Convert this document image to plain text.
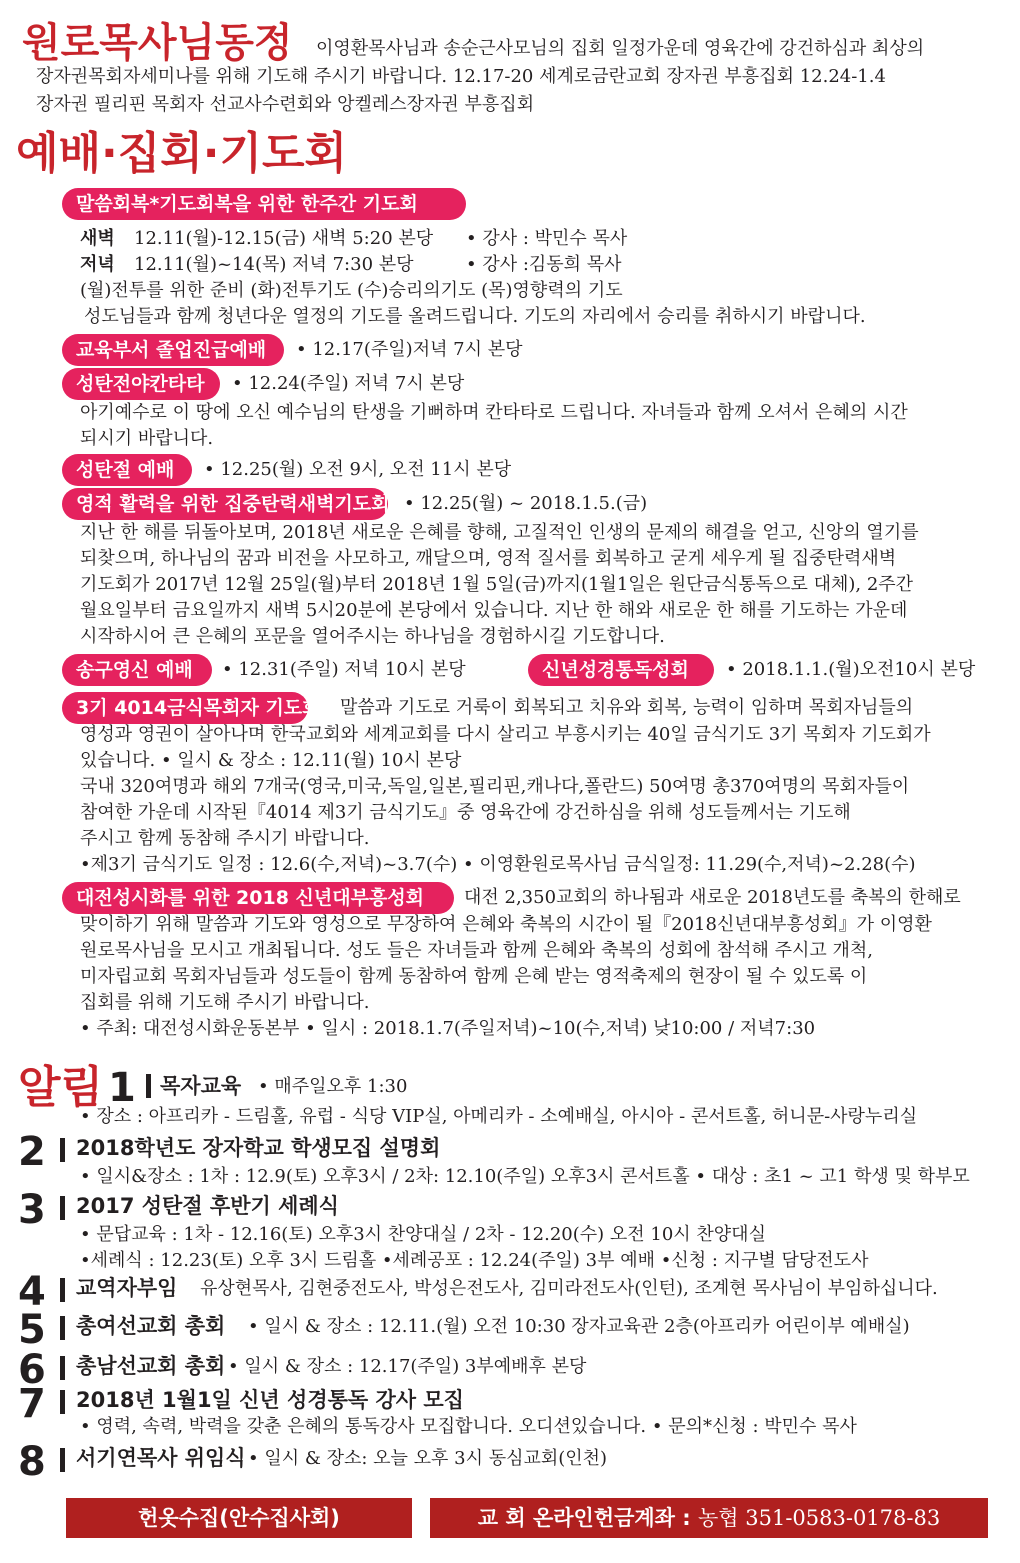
원로목사님동정 이영환목사님과 송순근사모님의 집회 일정가운데 영육간에 강건하심과 최상의
장자권목회자세미나를 위해 기도해 주시기 바랍니다. 12.17-20 세계로금란교회 장자권 부흥집회 12.24-1.4
장자권 필리핀 목회자 선교사수련회와 앙켈레스장자권 부흥집회
예배·집회·기도회
말씀회복*기도회복을 위한 한주간 기도회
새벽 12.11(월)-12.15(금) 새벽 5:20 본당 • 강사 : 박민수 목사
저녁 12.11(월)~14(목) 저녁 7:30 본당	• 강사 :김동희 목사
(월)전투를 위한 준비 (화)전투기도 (수)승리의기도 (목)영향력의 기도
성도님들과 함께 청년다운 열정의 기도를 올려드립니다. 기도의 자리에서 승리를 취하시기 바랍니다.
교육부서 졸업진급예배	• 12.17(주일)저녁 7시 본당
성탄전야칸타타	• 12.24(주일) 저녁 7시 본당
아기예수로 이 땅에 오신 예수님의 탄생을 기뻐하며 칸타타로 드립니다. 자녀들과 함께 오셔서 은혜의 시간
되시기 바랍니다.
성탄절 예배	• 12.25(월) 오전 9시, 오전 11시 본당
영적 활력을 위한 집중탄력새벽기도회 • 12.25(월) ~ 2018.1.5.(금)
지난 한 해를 뒤돌아보며, 2018년 새로운 은혜를 향해, 고질적인 인생의 문제의 해결을 얻고, 신앙의 열기를
되찾으며, 하나님의 꿈과 비전을 사모하고, 깨달으며, 영적 질서를 회복하고 굳게 세우게 될 집중탄력새벽
기도회가 2017년 12월 25일(월)부터 2018년 1월 5일(금)까지(1월1일은 원단금식통독으로 대체), 2주간
월요일부터 금요일까지 새벽 5시20분에 본당에서 있습니다. 지난 한 해와 새로운 한 해를 기도하는 가운데
시작하시어 큰 은혜의 포문을 열어주시는 하나님을 경험하시길 기도합니다.
송구영신 예배	• 12.31(주일) 저녁 10시 본당	신년성경통독성회	• 2018.1.1.(월)오전10시 본당
3기 4014금식목회자 기도회 말씀과 기도로 거룩이 회복되고 치유와 회복, 능력이 임하며 목회자님들의
영성과 영권이 살아나며 한국교회와 세계교회를 다시 살리고 부흥시키는 40일 금식기도 3기 목회자 기도회가
있습니다. • 일시 & 장소 : 12.11(월) 10시 본당
국내 320여명과 해외 7개국(영국,미국,독일,일본,필리핀,캐나다,폴란드) 50여명 총370여명의 목회자들이
참여한 가운데 시작된『4014 제3기 금식기도』중 영육간에 강건하심을 위해 성도들께서는 기도해
주시고 함께 동참해 주시기 바랍니다.
•제3기 금식기도 일정 : 12.6(수,저녁)~3.7(수) • 이영환원로목사님 금식일정: 11.29(수,저녁)~2.28(수)
대전성시화를 위한 2018 신년대부흥성회	대전 2,350교회의 하나됨과 새로운 2018년도를 축복의 한해로
맞이하기 위해 말씀과 기도와 영성으로 무장하여 은혜와 축복의 시간이 될『2018신년대부흥성회』가 이영환
원로목사님을 모시고 개최됩니다. 성도 들은 자녀들과 함께 은혜와 축복의 성회에 참석해 주시고 개척,
미자립교회 목회자님들과 성도들이 함께 동참하여 함께 은혜 받는 영적축제의 현장이 될 수 있도록 이
집회를 위해 기도해 주시기 바랍니다.
• 주최: 대전성시화운동본부 • 일시 : 2018.1.7(주일저녁)~10(수,저녁) 낮10:00 / 저녁7:30
알림 1 목자교육 • 매주일오후 1:30
• 장소 : 아프리카 - 드림홀, 유럽 - 식당 VIP실, 아메리카 - 소예배실, 아시아 - 콘서트홀, 허니문-사랑누리실
2 2018학년도 장자학교 학생모집 설명회
• 일시&장소 : 1차 : 12.9(토) 오후3시 / 2차: 12.10(주일) 오후3시 콘서트홀 • 대상 : 초1 ~ 고1 학생 및 학부모
3 2017 성탄절 후반기 세례식
• 문답교육 : 1차 - 12.16(토) 오후3시 찬양대실 / 2차 - 12.20(수) 오전 10시 찬양대실
•세례식 : 12.23(토) 오후 3시 드림홀 •세례공포 : 12.24(주일) 3부 예배 •신청 : 지구별 담당전도사
4 교역자부임 유상현목사, 김현중전도사, 박성은전도사, 김미라전도사(인턴), 조계현 목사님이 부임하십니다.
5 총여선교회 총회 • 일시 & 장소 : 12.11.(월) 오전 10:30 장자교육관 2층(아프리카 어린이부 예배실)
6 총남선교회 총회 • 일시 & 장소 : 12.17(주일) 3부예배후 본당
7 2018년 1월1일 신년 성경통독 강사 모집
• 영력, 속력, 박력을 갖춘 은혜의 통독강사 모집합니다. 오디션있습니다. • 문의*신청 : 박민수 목사
8 서기연목사 위임식 • 일시 & 장소: 오늘 오후 3시 동심교회(인천)
헌옷수집(안수집사회)	교 회 온라인헌금계좌 : 농협 351-0583-0178-83
